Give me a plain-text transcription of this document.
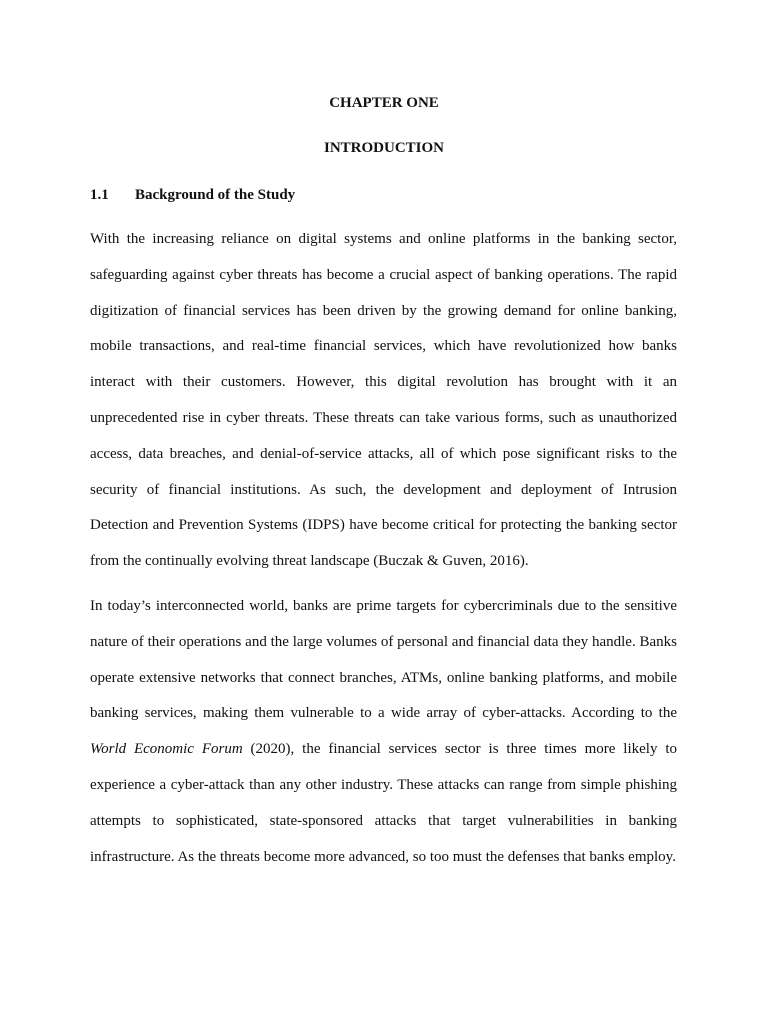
CHAPTER ONE
INTRODUCTION
1.1 Background of the Study

With the increasing reliance on digital systems and online platforms in the banking sector, safeguarding against cyber threats has become a crucial aspect of banking operations. The rapid digitization of financial services has been driven by the growing demand for online banking, mobile transactions, and real-time financial services, which have revolutionized how banks interact with their customers. However, this digital revolution has brought with it an unprecedented rise in cyber threats. These threats can take various forms, such as unauthorized access, data breaches, and denial-of-service attacks, all of which pose significant risks to the security of financial institutions. As such, the development and deployment of Intrusion Detection and Prevention Systems (IDPS) have become critical for protecting the banking sector from the continually evolving threat landscape (Buczak & Guven, 2016).

In today’s interconnected world, banks are prime targets for cybercriminals due to the sensitive nature of their operations and the large volumes of personal and financial data they handle. Banks operate extensive networks that connect branches, ATMs, online banking platforms, and mobile banking services, making them vulnerable to a wide array of cyber-attacks. According to the World Economic Forum (2020), the financial services sector is three times more likely to experience a cyber-attack than any other industry. These attacks can range from simple phishing attempts to sophisticated, state-sponsored attacks that target vulnerabilities in banking infrastructure. As the threats become more advanced, so too must the defenses that banks employ.
